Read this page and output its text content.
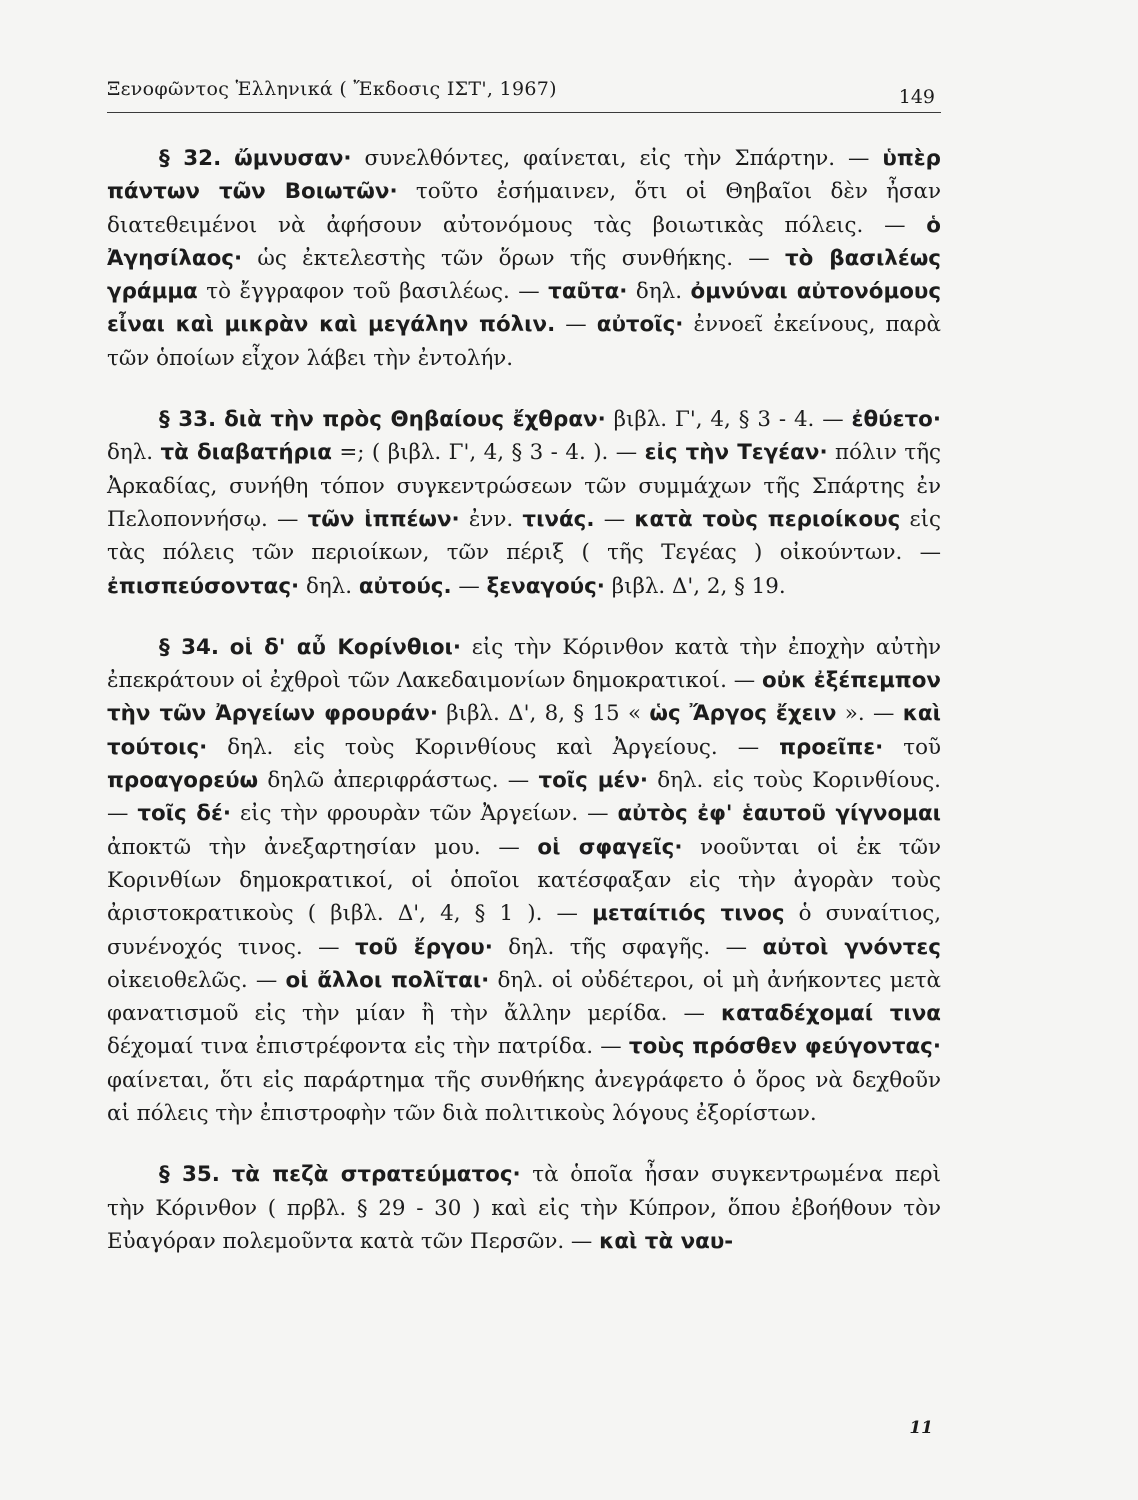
Ξενοφῶντος Ἑλληνικά ( Ἔκδοσις ΙΣΤ', 1967)	149

§ 32. ὤμνυσαν· συνελθόντες, φαίνεται, εἰς τὴν Σπάρτην. — ὑπὲρ πάντων τῶν Βοιωτῶν· τοῦτο ἐσήμαινεν, ὅτι οἱ Θηβαῖοι δὲν ἦσαν διατεθειμένοι νὰ ἀφήσουν αὐτονόμους τὰς βοιωτικὰς πόλεις. — ὁ Ἀγησίλαος· ὡς ἐκτελεστὴς τῶν ὅρων τῆς συνθήκης. — τὸ βασιλέως γράμμα τὸ ἔγγραφον τοῦ βασιλέως. — ταῦτα· δηλ. ὀμνύναι αὐτονόμους εἶναι καὶ μικρὰν καὶ μεγάλην πόλιν. — αὐτοῖς· ἐννοεῖ ἐκείνους, παρὰ τῶν ὁποίων εἶχον λάβει τὴν ἐντολήν.

§ 33. διὰ τὴν πρὸς Θηβαίους ἔχθραν· βιβλ. Γ', 4, § 3 - 4. — ἐθύετο· δηλ. τὰ διαβατήρια =; ( βιβλ. Γ', 4, § 3 - 4. ). — εἰς τὴν Τεγέαν· πόλιν τῆς Ἀρκαδίας, συνήθη τόπον συγκεντρώσεων τῶν συμμάχων τῆς Σπάρτης ἐν Πελοποννήσῳ. — τῶν ἱππέων· ἐνν. τινάς. — κατὰ τοὺς περιοίκους εἰς τὰς πόλεις τῶν περιοίκων, τῶν πέριξ ( τῆς Τεγέας ) οἰκούντων. — ἐπισπεύσοντας· δηλ. αὐτούς. — ξεναγούς· βιβλ. Δ', 2, § 19.

§ 34. οἱ δ' αὖ Κορίνθιοι· εἰς τὴν Κόρινθον κατὰ τὴν ἐποχὴν αὐτὴν ἐπεκράτουν οἱ ἐχθροὶ τῶν Λακεδαιμονίων δημοκρατικοί. — οὐκ ἐξέπεμπον τὴν τῶν Ἀργείων φρουράν· βιβλ. Δ', 8, § 15 « ὡς Ἄργος ἔχειν ». — καὶ τούτοις· δηλ. εἰς τοὺς Κορινθίους καὶ Ἀργείους. — προεῖπε· τοῦ προαγορεύω δηλῶ ἀπεριφράστως. — τοῖς μέν· δηλ. εἰς τοὺς Κορινθίους. — τοῖς δέ· εἰς τὴν φρουρὰν τῶν Ἀργείων. — αὐτὸς ἐφ' ἑαυτοῦ γίγνομαι ἀποκτῶ τὴν ἀνεξαρτησίαν μου. — οἱ σφαγεῖς· νοοῦνται οἱ ἐκ τῶν Κορινθίων δημοκρατικοί, οἱ ὁποῖοι κατέσφαξαν εἰς τὴν ἀγορὰν τοὺς ἀριστοκρατικοὺς ( βιβλ. Δ', 4, § 1 ). — μεταίτιός τινος ὁ συναίτιος, συνένοχός τινος. — τοῦ ἔργου· δηλ. τῆς σφαγῆς. — αὐτοὶ γνόντες οἰκειοθελῶς. — οἱ ἄλλοι πολῖται· δηλ. οἱ οὐδέτεροι, οἱ μὴ ἀνήκοντες μετὰ φανατισμοῦ εἰς τὴν μίαν ἢ τὴν ἄλλην μερίδα. — καταδέχομαί τινα δέχομαί τινα ἐπιστρέφοντα εἰς τὴν πατρίδα. — τοὺς πρόσθεν φεύγοντας· φαίνεται, ὅτι εἰς παράρτημα τῆς συνθήκης ἀνεγράφετο ὁ ὅρος νὰ δεχθοῦν αἱ πόλεις τὴν ἐπιστροφὴν τῶν διὰ πολιτικοὺς λόγους ἐξορίστων.

§ 35. τὰ πεζὰ στρατεύματος· τὰ ὁποῖα ἦσαν συγκεντρωμένα περὶ τὴν Κόρινθον ( πρβλ. § 29 - 30 ) καὶ εἰς τὴν Κύπρον, ὅπου ἐβοήθουν τὸν Εὐαγόραν πολεμοῦντα κατὰ τῶν Περσῶν. — καὶ τὰ ναυ-

11
